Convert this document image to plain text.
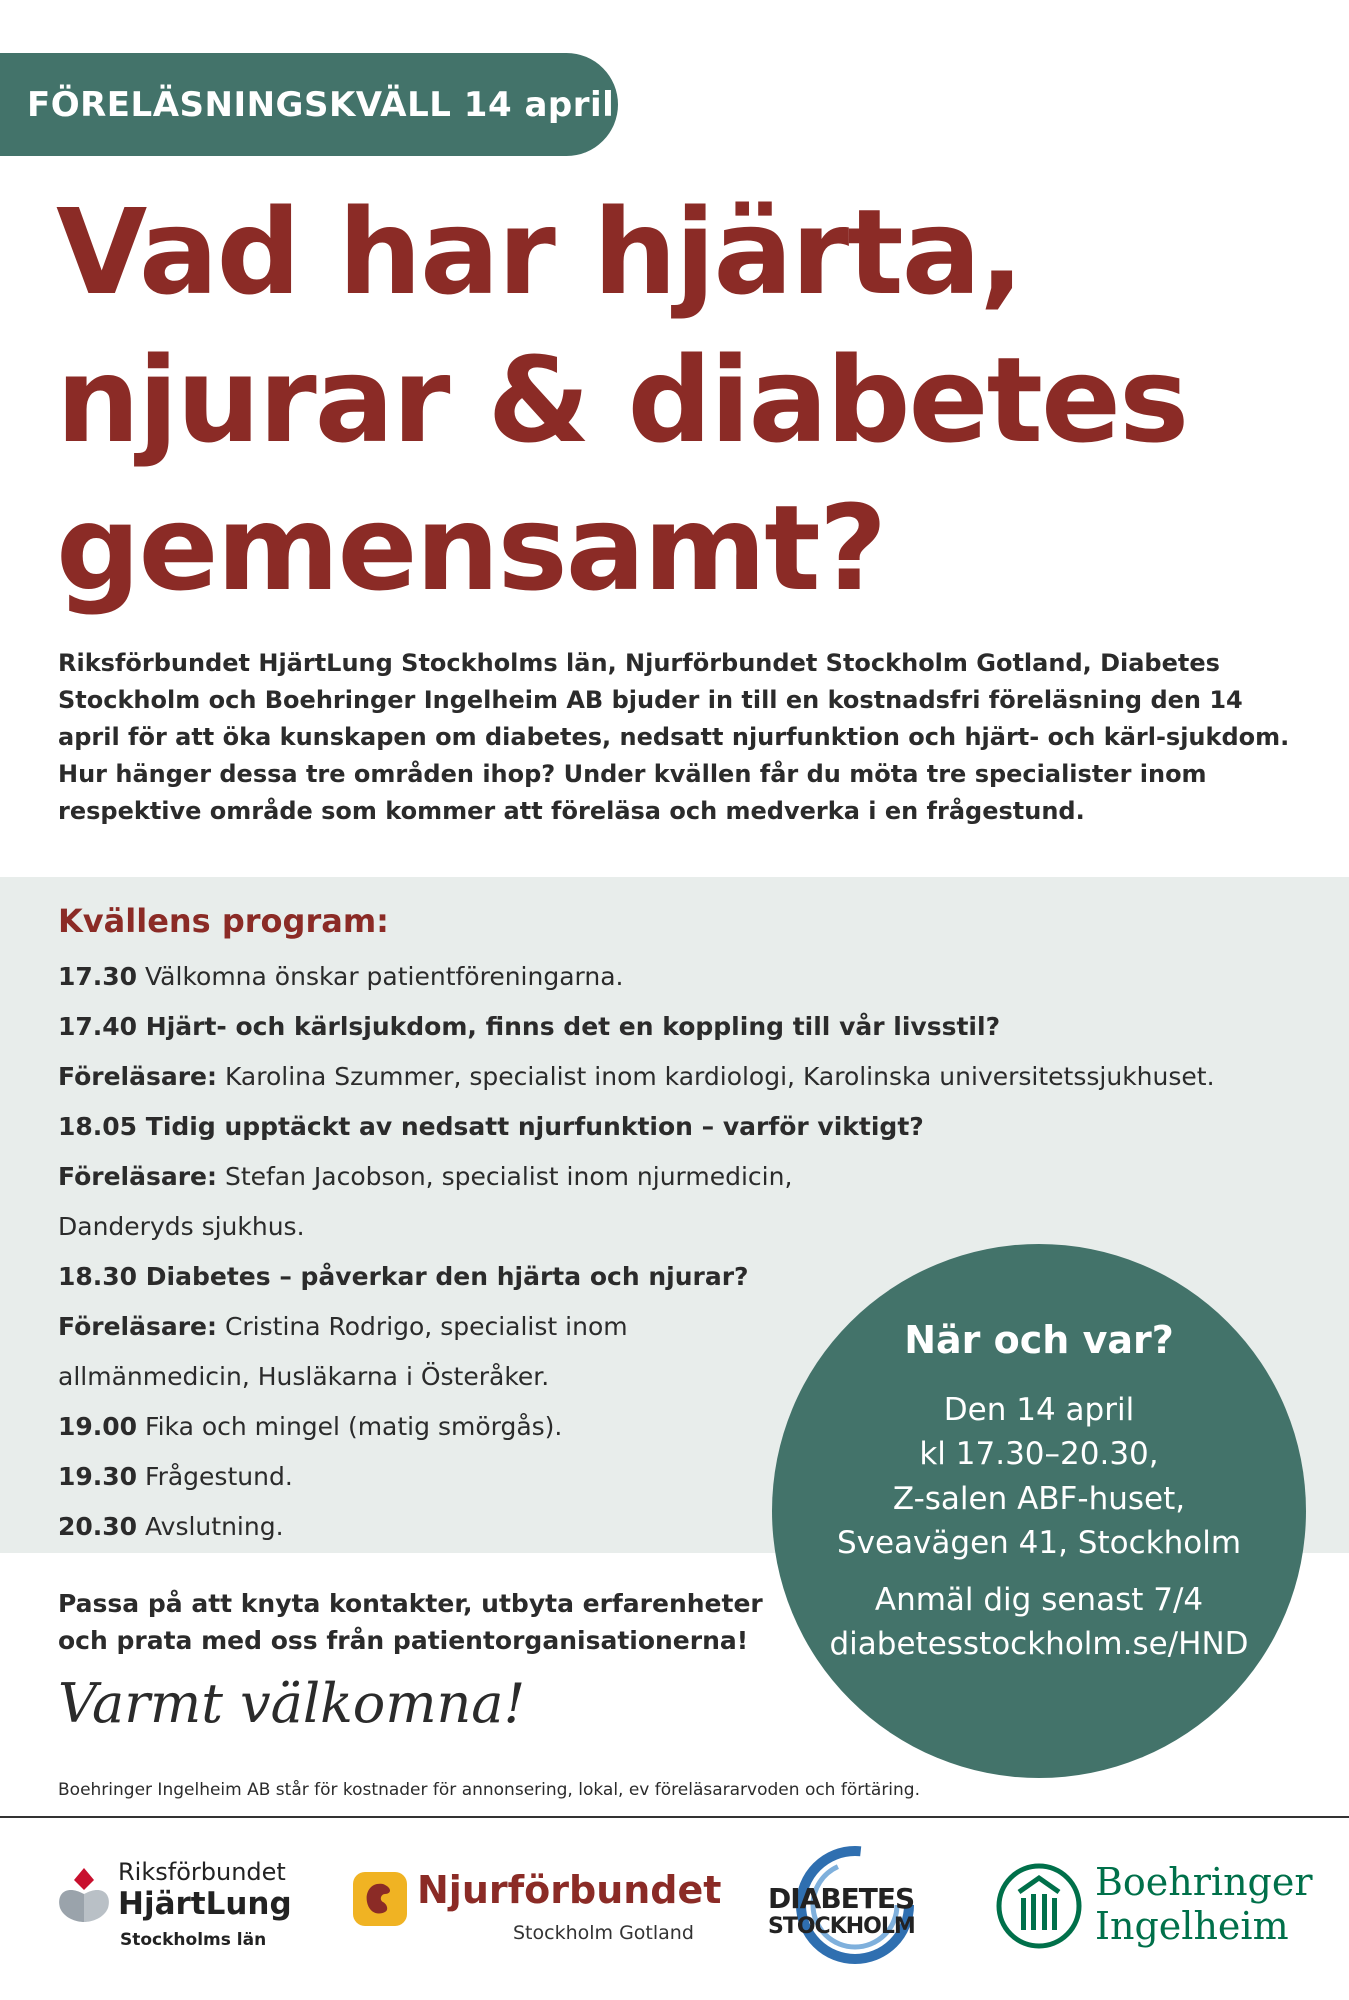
FÖRELÄSNINGSKVÄLL 14 april
Vad har hjärta,
njurar & diabetes
gemensamt?

Riksförbundet HjärtLung Stockholms län, Njurförbundet Stockholm Gotland, Diabetes Stockholm och Boehringer Ingelheim AB bjuder in till en kostnadsfri föreläsning den 14 april för att öka kunskapen om diabetes, nedsatt njurfunktion och hjärt- och kärl-sjukdom. Hur hänger dessa tre områden ihop? Under kvällen får du möta tre specialister inom respektive område som kommer att föreläsa och medverka i en frågestund.

Kvällens program:
17.30 Välkomna önskar patientföreningarna.
17.40 Hjärt- och kärlsjukdom, finns det en koppling till vår livsstil?
Föreläsare: Karolina Szummer, specialist inom kardiologi, Karolinska universitetssjukhuset.
18.05 Tidig upptäckt av nedsatt njurfunktion – varför viktigt?
Föreläsare: Stefan Jacobson, specialist inom njurmedicin,
Danderyds sjukhus.
18.30 Diabetes – påverkar den hjärta och njurar?
Föreläsare: Cristina Rodrigo, specialist inom
allmänmedicin, Husläkarna i Österåker.
19.00 Fika och mingel (matig smörgås).
19.30 Frågestund.
20.30 Avslutning.
När och var?
Den 14 april
kl 17.30–20.30,
Z-salen ABF-huset,
Sveavägen 41, Stockholm
Anmäl dig senast 7/4
diabetesstockholm.se/HND

Passa på att knyta kontakter, utbyta erfarenheter och prata med oss från patientorganisationerna!

Varmt välkomna!

Boehringer Ingelheim AB står för kostnader för annonsering, lokal, ev föreläsararvoden och förtäring.
Riksförbundet
HjärtLung
Stockholms län
Njurförbundet
Stockholm Gotland
DIABETES
STOCKHOLM
Boehringer
Ingelheim
